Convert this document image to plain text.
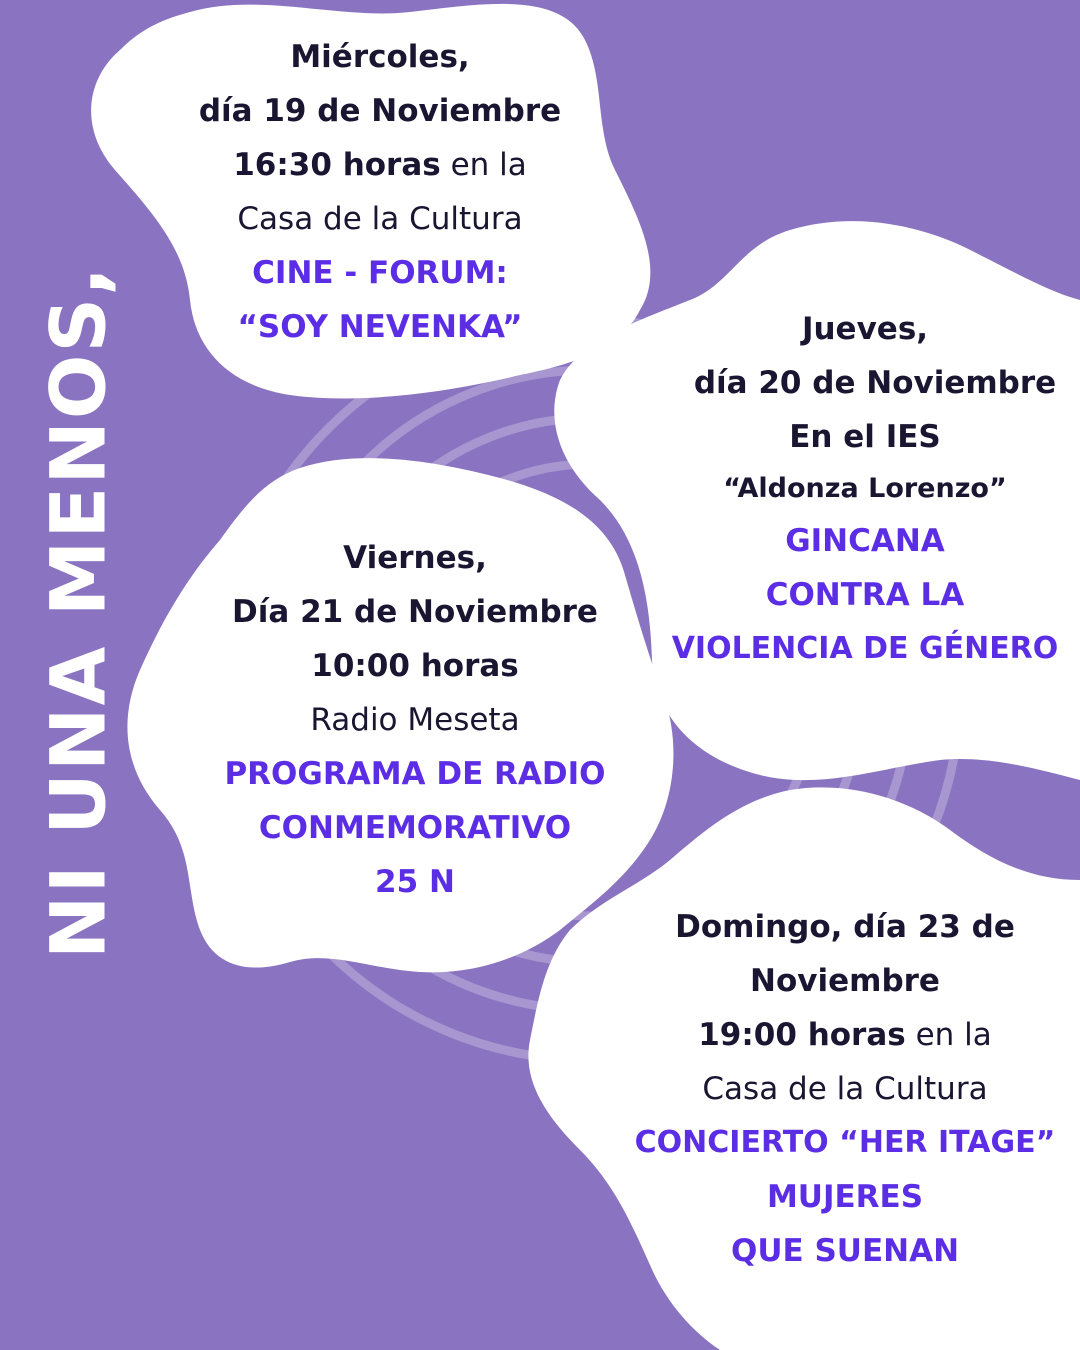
NI UNA MENOS,
Miércoles,
día 19 de Noviembre
16:30 horas en la
Casa de la Cultura
CINE - FORUM:
“SOY NEVENKA”	Jueves,
día 20 de Noviembre
En el IES
“Aldonza Lorenzo”
GINCANA
CONTRA LA
VIOLENCIA DE GÉNERO
Viernes,
Día 21 de Noviembre
10:00 horas
Radio Meseta
PROGRAMA DE RADIO
CONMEMORATIVO
25 N
Domingo, día 23 de
Noviembre
19:00 horas en la
Casa de la Cultura
CONCIERTO “HER ITAGE”
MUJERES
QUE SUENAN
